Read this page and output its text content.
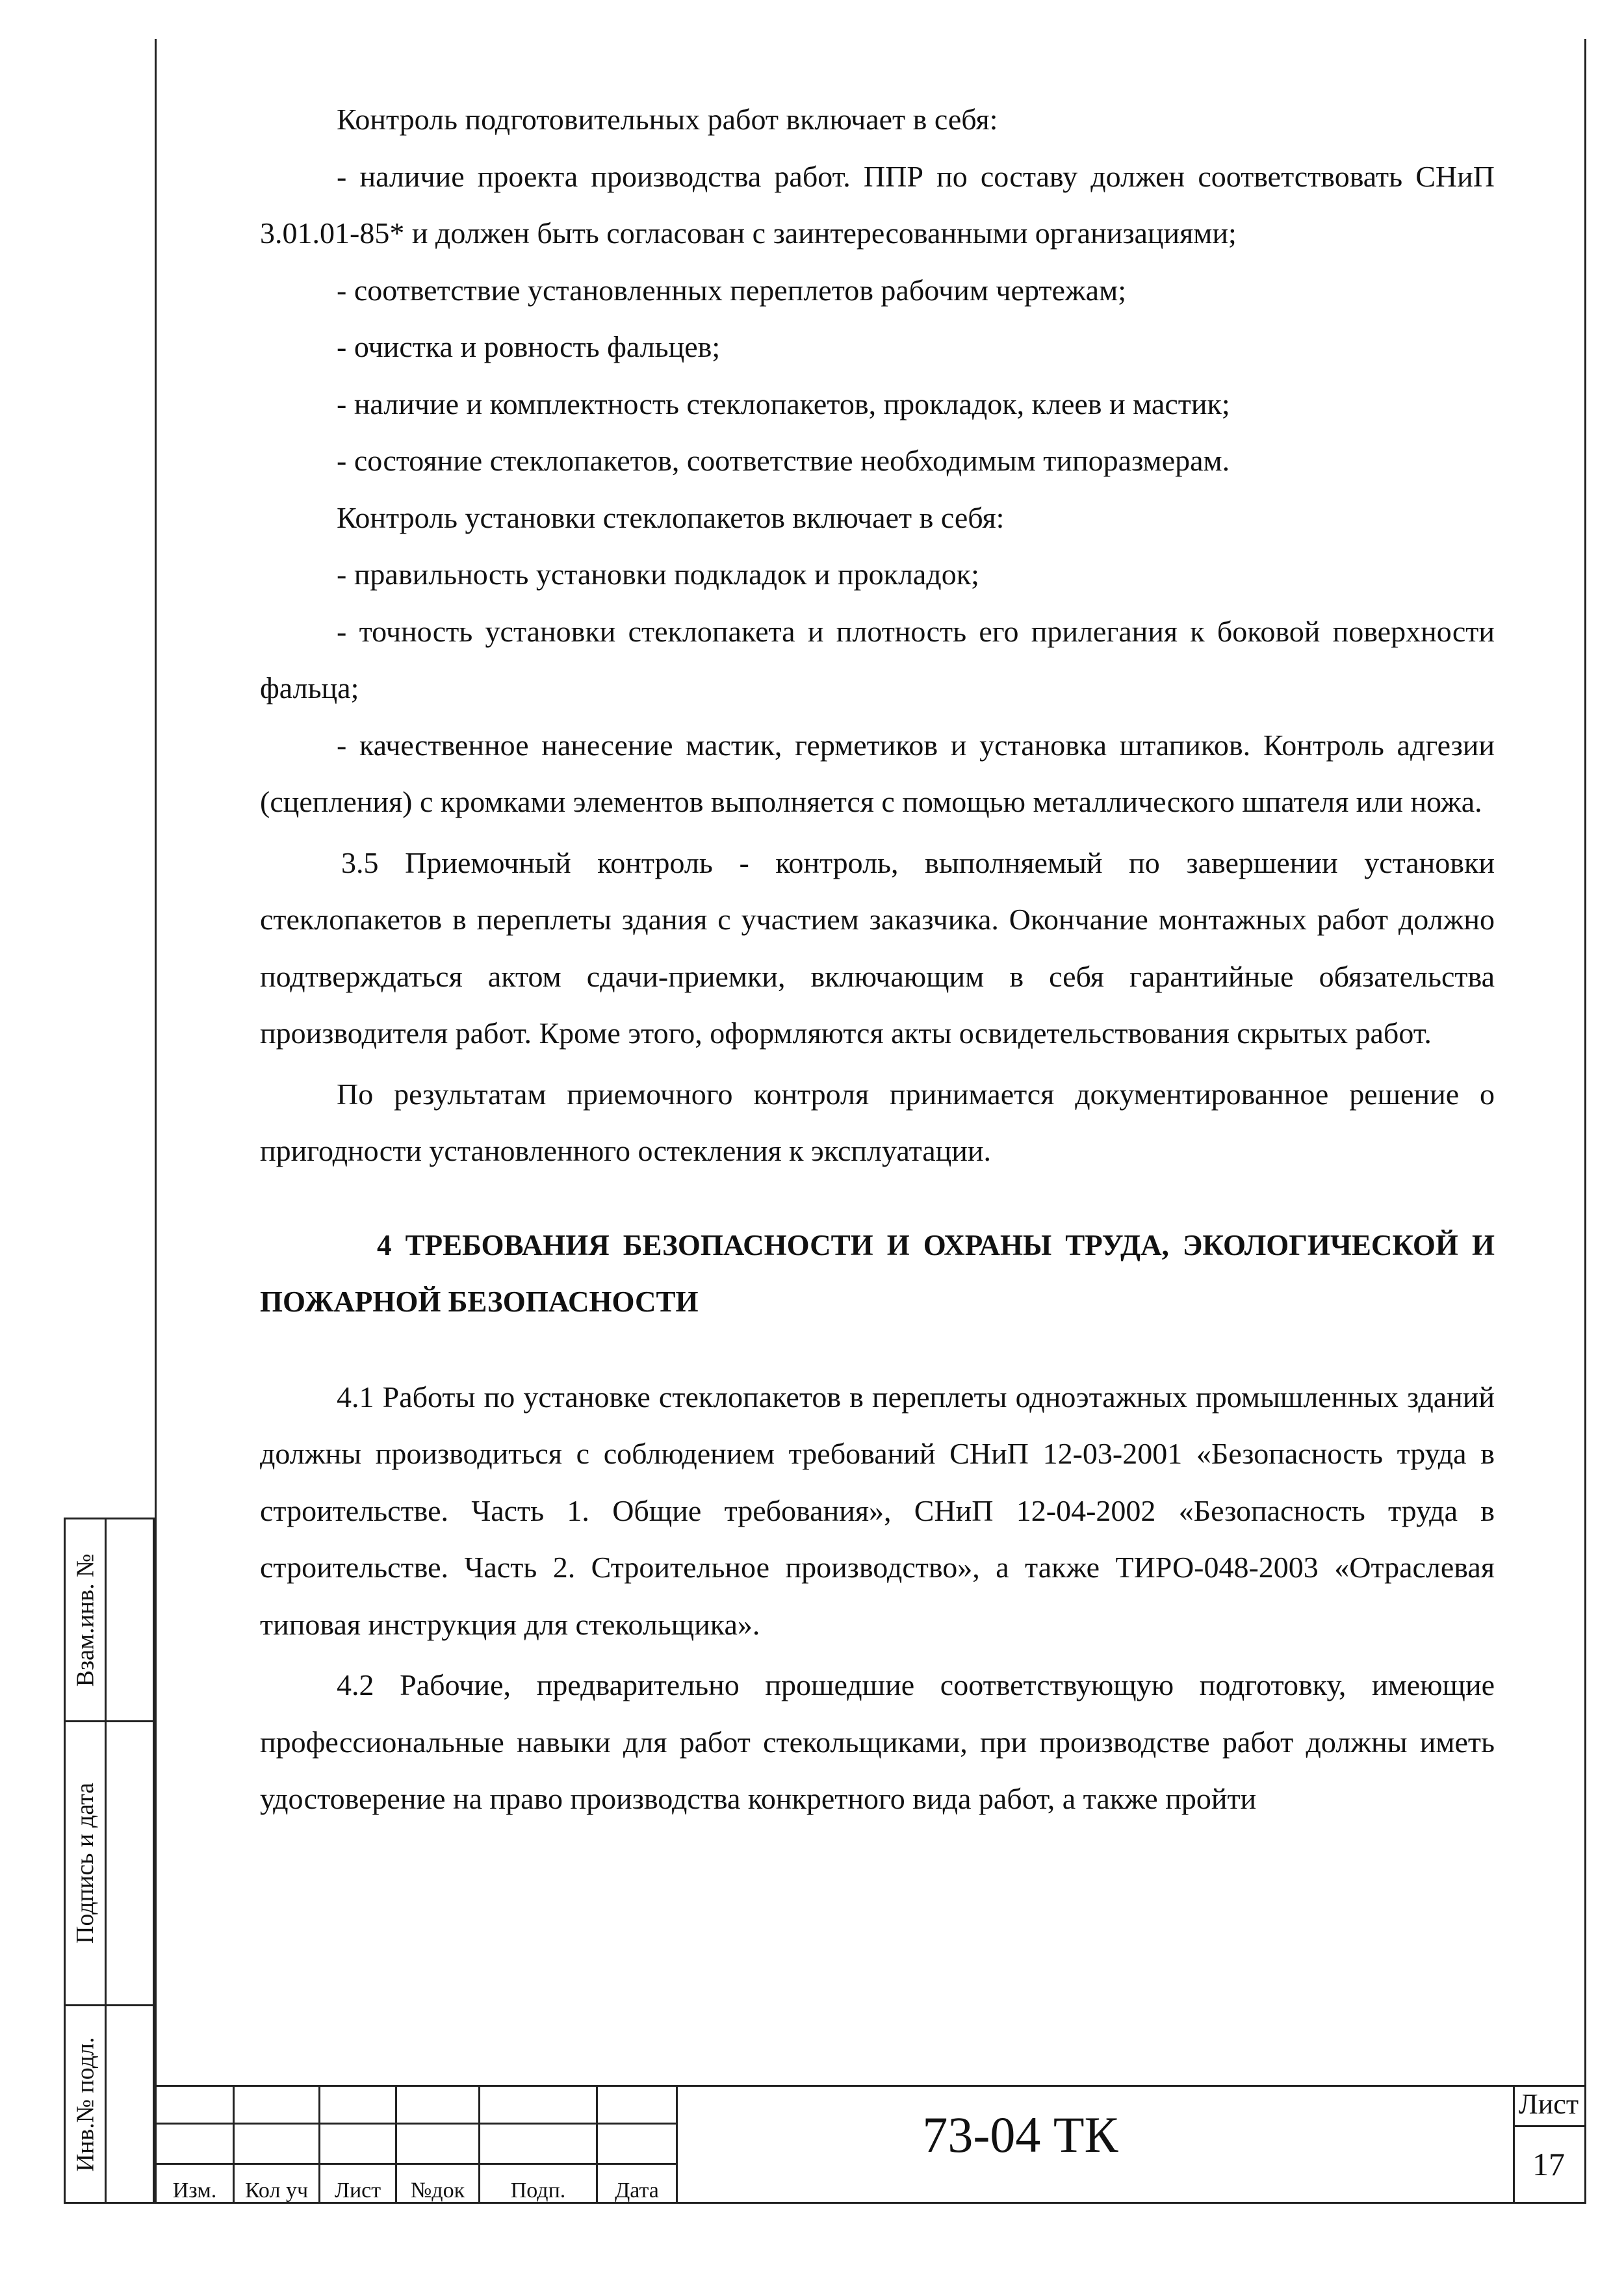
Контроль подготовительных работ включает в себя:

- наличие проекта производства работ. ППР по составу должен соответствовать СНиП 3.01.01-85* и должен быть согласован с заинтересованными организациями;

- соответствие установленных переплетов рабочим чертежам;

- очистка и ровность фальцев;

- наличие и комплектность стеклопакетов, прокладок, клеев и мастик;

- состояние стеклопакетов, соответствие необходимым типоразмерам.

Контроль установки стеклопакетов включает в себя:

- правильность установки подкладок и прокладок;

- точность установки стеклопакета и плотность его прилегания к боковой поверхности фальца;

- качественное нанесение мастик, герметиков и установка штапиков. Контроль адгезии (сцепления) с кромками элементов выполняется с помощью металлического шпателя или ножа.

3.5 Приемочный контроль - контроль, выполняемый по завершении установки стеклопакетов в переплеты здания с участием заказчика. Окончание монтажных работ должно подтверждаться актом сдачи-приемки, включающим в себя гарантийные обязательства производителя работ. Кроме этого, оформляются акты освидетельствования скрытых работ.

По результатам приемочного контроля принимается документированное решение о пригодности установленного остекления к эксплуатации.

4 ТРЕБОВАНИЯ БЕЗОПАСНОСТИ И ОХРАНЫ ТРУДА, ЭКОЛОГИЧЕСКОЙ И ПОЖАРНОЙ БЕЗОПАСНОСТИ

4.1 Работы по установке стеклопакетов в переплеты одноэтажных промышленных зданий должны производиться с соблюдением требований СНиП 12-03-2001 «Безопасность труда в строительстве. Часть 1. Общие требования», СНиП 12-04-2002 «Безопасность труда в строительстве. Часть 2. Строительное производство», а также ТИРО-048-2003 «Отраслевая типовая инструкция для стекольщика».

4.2 Рабочие, предварительно прошедшие соответствующую подготовку, имеющие профессиональные навыки для работ стекольщиками, при производстве работ должны иметь удостоверение на право производства конкретного вида работ, а также пройти

Взам.инв. №
Подпись и дата
Инв.№ подл.
Изм.	Кол уч	Лист	№док	Подп.	Дата
73-04 ТК
Лист
17
